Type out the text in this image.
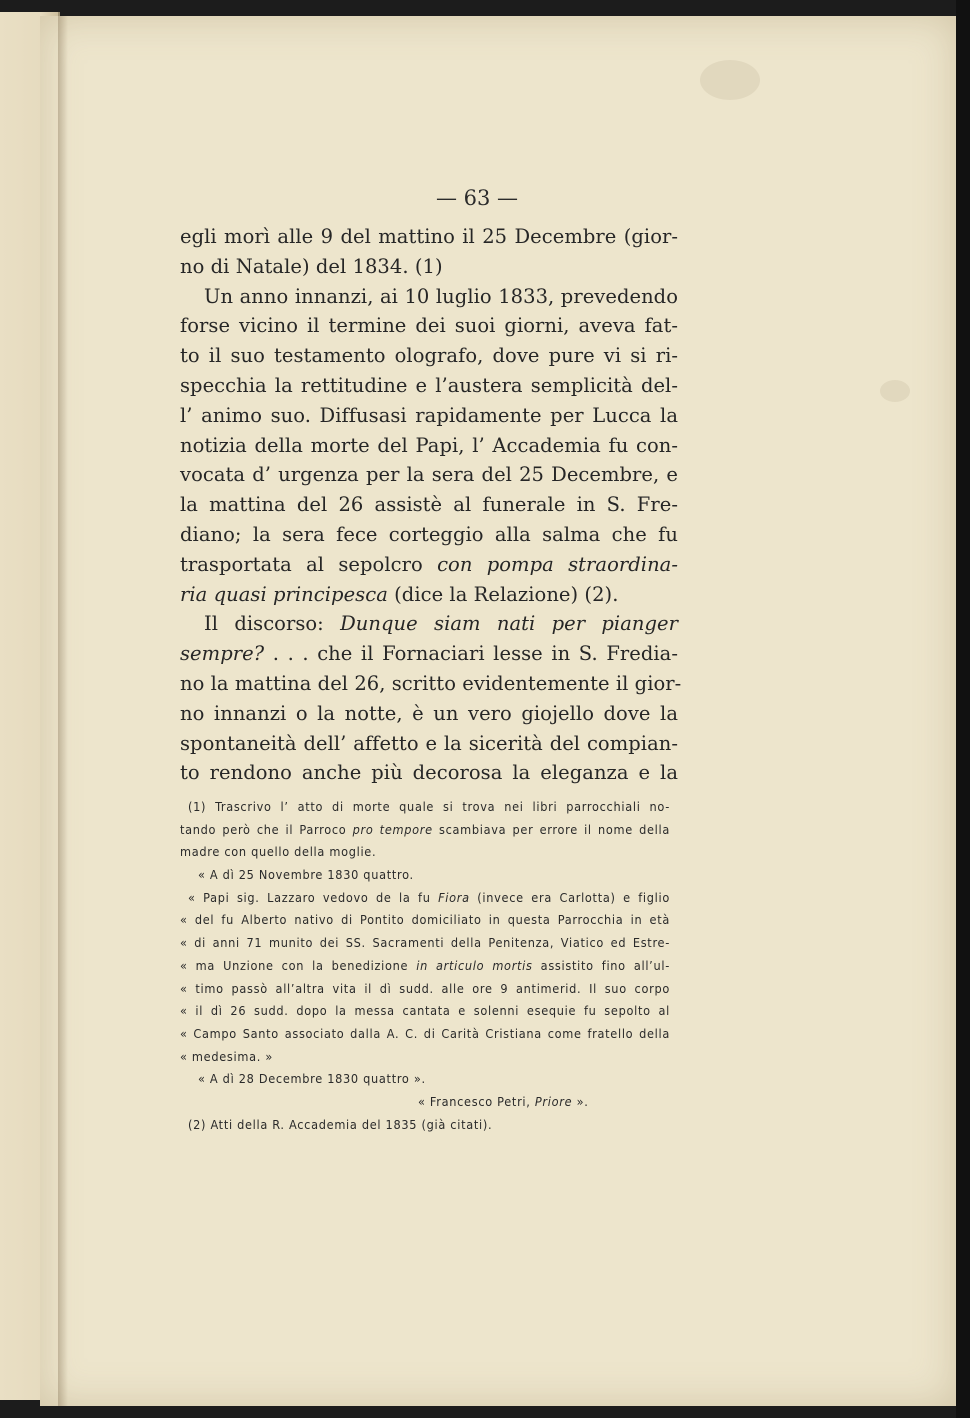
— 63 —
egli morì alle 9 del mattino il 25 Decembre (gior-
no di Natale) del 1834. (1)
Un anno innanzi, ai 10 luglio 1833, prevedendo
forse vicino il termine dei suoi giorni, aveva fat-
to il suo testamento olografo, dove pure vi si ri-
specchia la rettitudine e l’austera semplicità del-
l’ animo suo. Diffusasi rapidamente per Lucca la
notizia della morte del Papi, l’ Accademia fu con-
vocata d’ urgenza per la sera del 25 Decembre, e
la mattina del 26 assistè al funerale in S. Fre-
diano; la sera fece corteggio alla salma che fu
trasportata al sepolcro con pompa straordina-
ria quasi principesca (dice la Relazione) (2).
Il discorso: Dunque siam nati per pianger
sempre? . . . che il Fornaciari lesse in S. Fredia-
no la mattina del 26, scritto evidentemente il gior-
no innanzi o la notte, è un vero giojello dove la
spontaneità dell’ affetto e la sicerità del compian-
to rendono anche più decorosa la eleganza e la
(1) Trascrivo l’ atto di morte quale si trova nei libri parrocchiali no-
tando però che il Parroco pro tempore scambiava per errore il nome della
madre con quello della moglie.
« A dì 25 Novembre 1830 quattro.
« Papi sig. Lazzaro vedovo de la fu Fiora (invece era Carlotta) e figlio
« del fu Alberto nativo di Pontito domiciliato in questa Parrocchia in età
« di anni 71 munito dei SS. Sacramenti della Penitenza, Viatico ed Estre-
« ma Unzione con la benedizione in articulo mortis assistito fino all’ul-
« timo passò all’altra vita il dì sudd. alle ore 9 antimerid. Il suo corpo
« il dì 26 sudd. dopo la messa cantata e solenni esequie fu sepolto al
« Campo Santo associato dalla A. C. di Carità Cristiana come fratello della
« medesima. »
« A dì 28 Decembre 1830 quattro ».
« Francesco Petri, Priore ».
(2) Atti della R. Accademia del 1835 (già citati).
